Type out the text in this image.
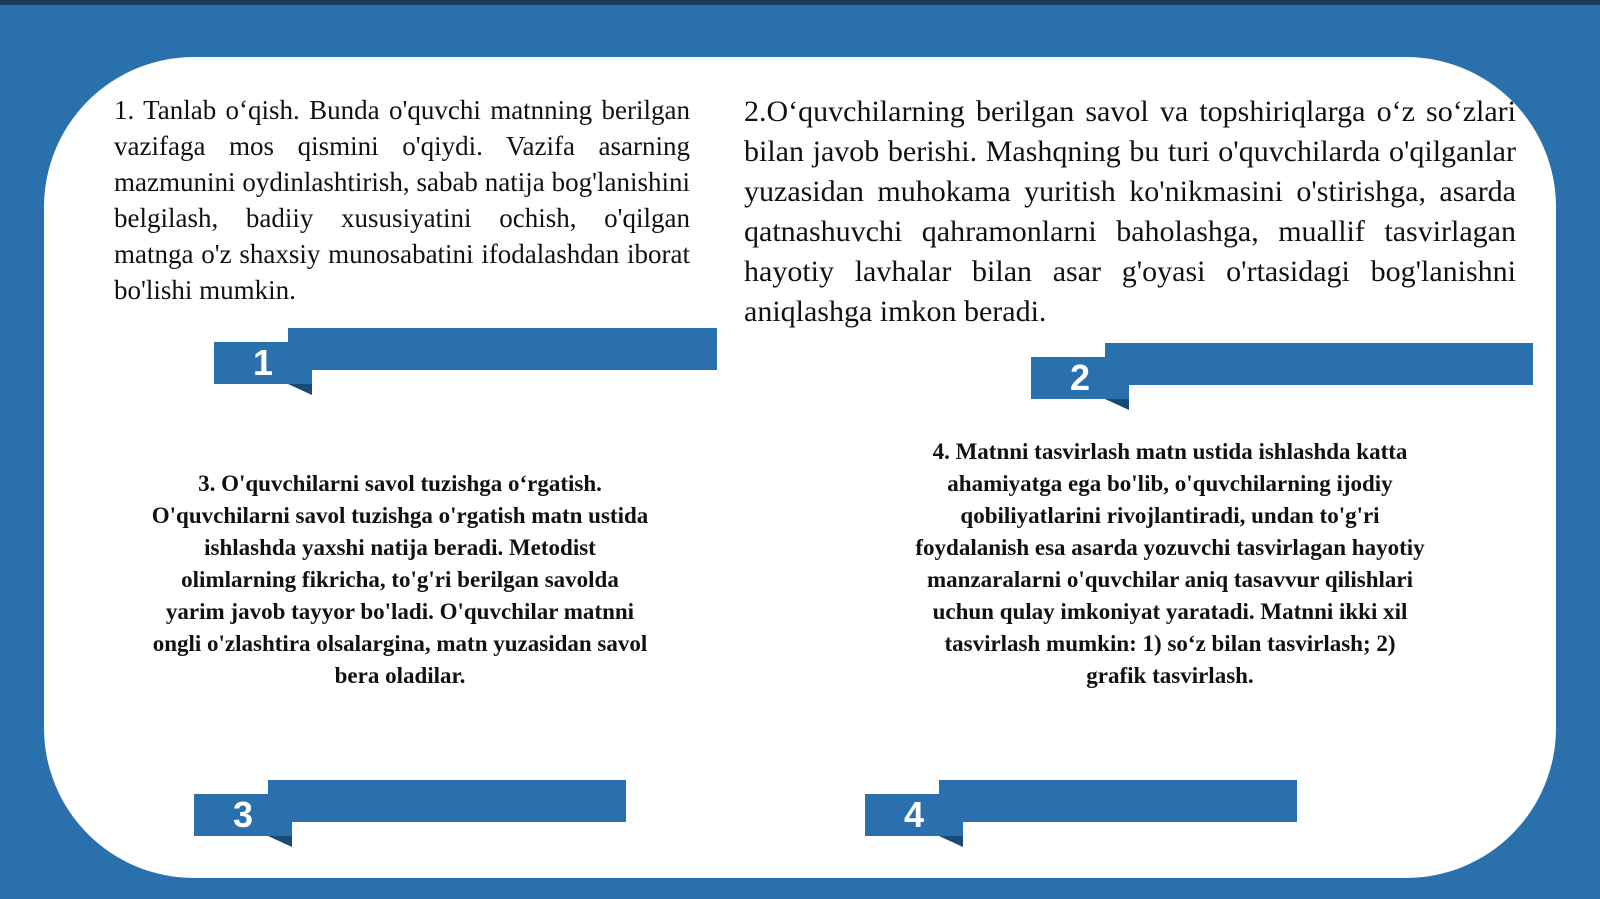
1. Tanlab o‘qish. Bunda o'quvchi matnning berilgan vazifaga mos qismini o'qiydi. Vazifa asarning mazmunini oydinlashtirish, sabab natija bog'lanishini belgilash, badiiy xususiyatini ochish, o'qilgan matnga o'z shaxsiy munosabatini ifodalashdan iborat bo'lishi mumkin.
1
2.O‘quvchilarning berilgan savol va topshiriqlarga o‘z so‘zlari bilan javob berishi. Mashqning bu turi o'quvchilarda o'qilganlar yuzasidan muhokama yuritish ko'nikmasini o'stirishga, asarda qatnashuvchi qahramonlarni baholashga, muallif tasvirlagan hayotiy lavhalar bilan asar g'oyasi o'rtasidagi bog'lanishni aniqlashga imkon beradi.
2
3. O'quvchilarni savol tuzishga o‘rgatish. O'quvchilarni savol tuzishga o'rgatish matn ustida ishlashda yaxshi natija beradi. Metodist olimlarning fikricha, to'g'ri berilgan savolda yarim javob tayyor bo'ladi. O'quvchilar matnni ongli o'zlashtira olsalargina, matn yuzasidan savol bera oladilar.
3
4. Matnni tasvirlash matn ustida ishlashda katta ahamiyatga ega bo'lib, o'quvchilarning ijodiy qobiliyatlarini rivojlantiradi, undan to'g'ri foydalanish esa asarda yozuvchi tasvirlagan hayotiy manzaralarni o'quvchilar aniq tasavvur qilishlari uchun qulay imkoniyat yaratadi. Matnni ikki xil tasvirlash mumkin: 1) so‘z bilan tasvirlash; 2) grafik tasvirlash.
4
